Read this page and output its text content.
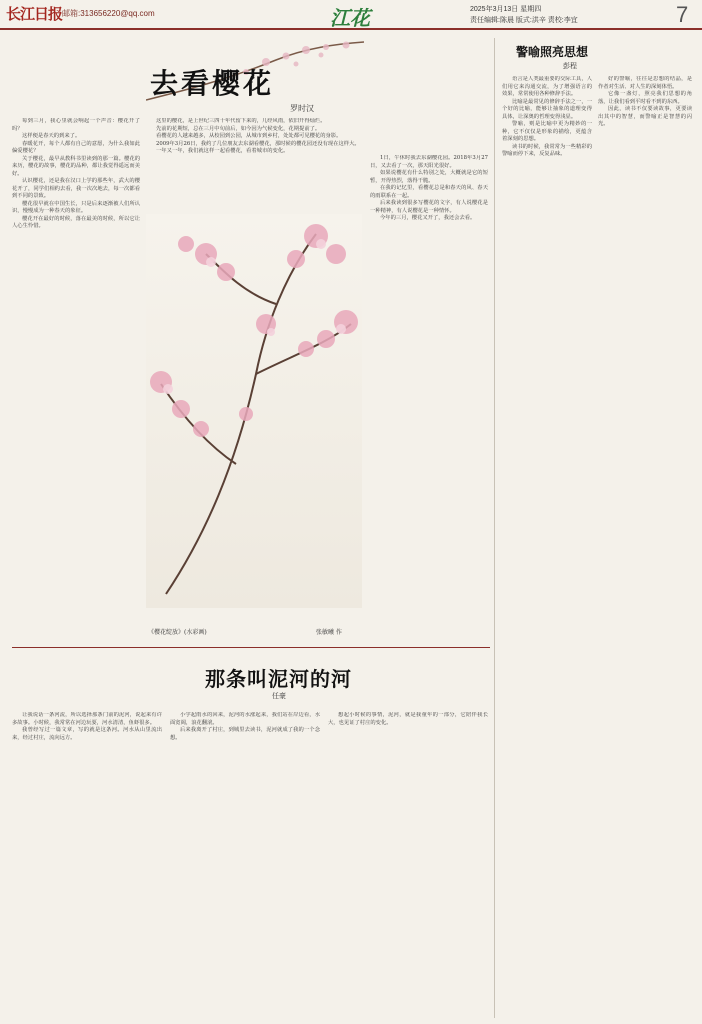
长江日报 邮箱:313656220@qq.com	江花	2025年3月13日 星期四
责任编辑:陈晨 版式:洪辛 责校:李宜	7
去看樱花
罗时汉

每到三月，我心里就会响起一个声音：樱花开了吗？

这样便是春天的到来了。

春暖花开，每个人都有自己的意愿，为什么我如此偏爱樱花？

关于樱花，最早从教科书里读到的那一篇。樱花的来历，樱花的故事，樱花的品种，都让我觉得遥远而美好。

认识樱花，还是我在汉口上学的那些年，武大的樱花开了，同学们相约去看，我一次次地去，每一次都看到不同的景致。

樱花很早就在中国生长，只是后来逐渐被人们所认识，慢慢成为一种春天的象征。

樱花开在最好的时候，落在最美的时候，所以它让人心生怜惜。

这里的樱花，是上世纪三四十年代留下来的，几经风雨，依旧开得灿烂。

先前的花期短，总在三月中旬前后，如今因为气候变化，花期提前了。

看樱花的人越来越多，从校园到公园，从城市到乡村，处处都可见樱花的身影。

2009年3月26日，我约了几位朋友去东湖看樱花，那时候的樱花园还没有现在这样大。

一年又一年，我们就这样一起看樱花，看着城市的变化。

1日，午休时我去东湖樱花园。2018年3月27日，又去看了一次，那天阳光很好。

如果说樱花有什么特别之处，大概就是它的短暂，开得热烈，落得干脆。

在我的记忆里，看樱花总是和春天的风、春天的雨联系在一起。

后来我读到很多写樱花的文字，有人说樱花是一种精神，有人说樱花是一种情怀。

今年的三月，樱花又开了，我还会去看。

《樱花绽放》(水彩画)	张敏曦 作
那条叫泥河的河
任豪

让我说话一条河流，所以选择那条门前的泥河，说起来有许多故事。小时候，我常常在河边玩耍，河水清清，鱼虾很多。

我曾经写过一篇文章，写的就是这条河。河水从山里流出来，经过村庄，流向远方。

小学起雨水的回来，泥河的水涨起来，我们站在岸边看，水面宽阔，浪花翻滚。

后来我离开了村庄，到城里去读书，泥河就成了我的一个念想。

想起小时候的事情，泥河，就是我童年的一部分，它陪伴我长大，也见证了村庄的变化。

警喻照亮思想
彭程

语言是人类最重要的交际工具，人们用它来沟通交流，为了增强语言的效果，常常使用各种修辞手法。

比喻是最常见的修辞手法之一，一个好的比喻，能够让抽象的道理变得具体，让深奥的哲理变得浅显。

警喻，则是比喻中更为精妙的一种，它不仅仅是形象的描绘，更蕴含着深刻的思想。

读书的时候，我常常为一些精彩的警喻而停下来，反复品味。

好的警喻，往往是思想的结晶，是作者对生活、对人生的深刻体悟。

它像一盏灯，照亮我们思想的角落，让我们看到平时看不到的东西。

因此，读书不仅要读故事，更要读出其中的智慧，而警喻正是智慧的闪光。
